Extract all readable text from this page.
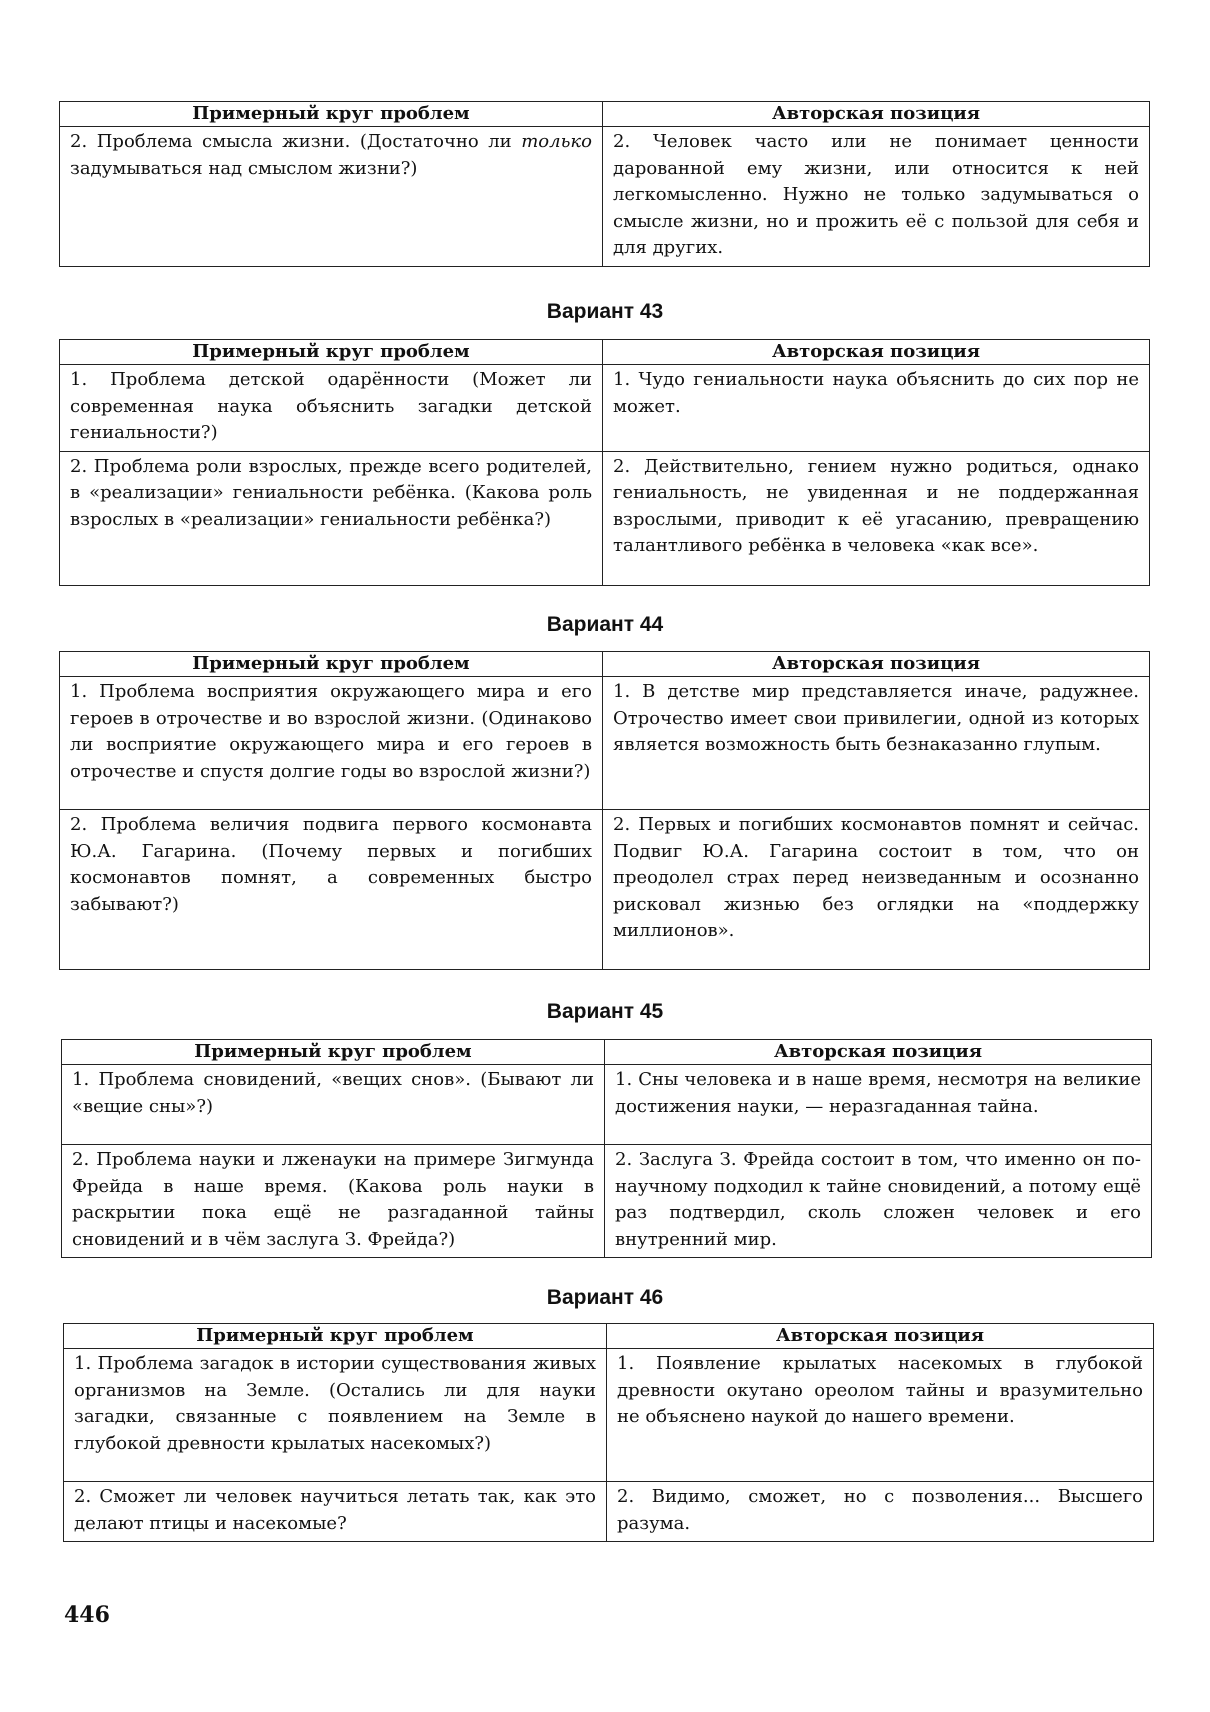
Примерный круг проблем	Авторская позиция
2. Проблема смысла жизни. (Достаточно ли только задумываться над смыслом жизни?)	2. Человек часто или не понимает ценности дарованной ему жизни, или относится к ней легкомысленно. Нужно не только задумываться о смысле жизни, но и прожить её с пользой для себя и для других.
Вариант 43
Примерный круг проблем	Авторская позиция
1. Проблема детской одарённости (Может ли современная наука объяснить загадки детской гениальности?)	1. Чудо гениальности наука объяснить до сих пор не может.
2. Проблема роли взрослых, прежде всего родителей, в «реализации» гениальности ребёнка. (Какова роль взрослых в «реализации» гениальности ребёнка?)	2. Действительно, гением нужно родиться, однако гениальность, не увиденная и не поддержанная взрослыми, приводит к её угасанию, превращению талантливого ребёнка в человека «как все».
Вариант 44
Примерный круг проблем	Авторская позиция
1. Проблема восприятия окружающего мира и его героев в отрочестве и во взрослой жизни. (Одинаково ли восприятие окружающего мира и его героев в отрочестве и спустя долгие годы во взрослой жизни?)	1. В детстве мир представляется иначе, радужнее. Отрочество имеет свои привилегии, одной из которых является возможность быть безнаказанно глупым.
2. Проблема величия подвига первого космонавта Ю.А. Гагарина. (Почему первых и погибших космонавтов помнят, а современных быстро забывают?)	2. Первых и погибших космонавтов помнят и сейчас. Подвиг Ю.А. Гагарина состоит в том, что он преодолел страх перед неизведанным и осознанно рисковал жизнью без оглядки на «поддержку миллионов».
Вариант 45
Примерный круг проблем	Авторская позиция
1. Проблема сновидений, «вещих снов». (Бывают ли «вещие сны»?)	1. Сны человека и в наше время, несмотря на великие достижения науки, — неразгаданная тайна.
2. Проблема науки и лженауки на примере Зигмунда Фрейда в наше время. (Какова роль науки в раскрытии пока ещё не разгаданной тайны сновидений и в чём заслуга З. Фрейда?)	2. Заслуга З. Фрейда состоит в том, что именно он по-научному подходил к тайне сновидений, а потому ещё раз подтвердил, сколь сложен человек и его внутренний мир.
Вариант 46
Примерный круг проблем	Авторская позиция
1. Проблема загадок в истории существования живых организмов на Земле. (Остались ли для науки загадки, связанные с появлением на Земле в глубокой древности крылатых насекомых?)	1. Появление крылатых насекомых в глубокой древности окутано ореолом тайны и вразумительно не объяснено наукой до нашего времени.
2. Сможет ли человек научиться летать так, как это делают птицы и насекомые?	2. Видимо, сможет, но с позволения... Высшего разума.
446
